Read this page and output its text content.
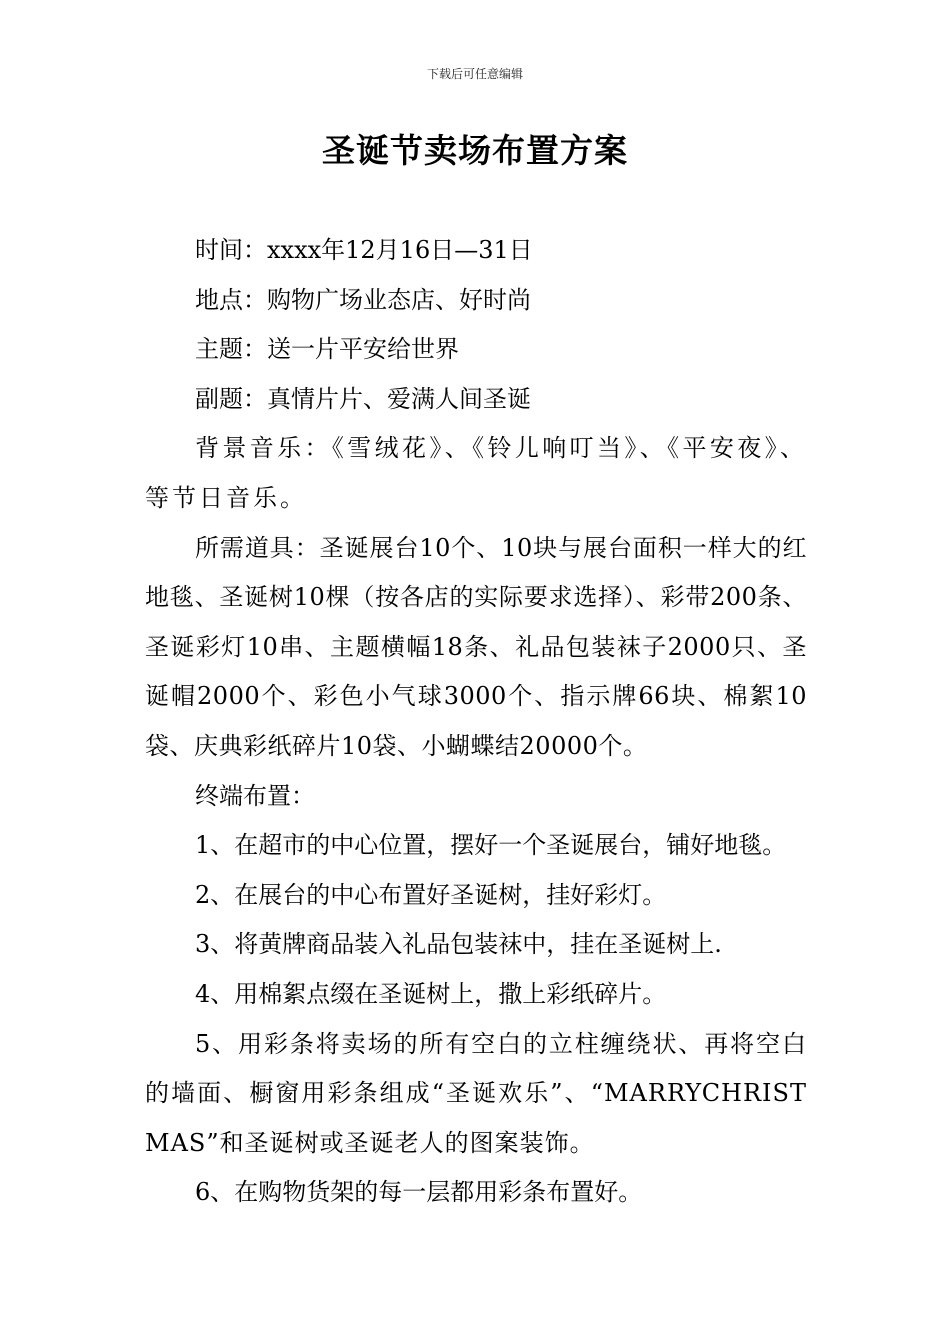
下载后可任意编辑
圣诞节卖场布置方案

时间：xxxx年12月16日—31日

地点：购物广场业态店、好时尚

主题：送一片平安给世界

副题：真情片片、爱满人间圣诞

背景音乐：《雪绒花》、《铃儿响叮当》、《平安夜》、等节日音乐。

所需道具：圣诞展台10个、10块与展台面积一样大的红地毯、圣诞树10棵（按各店的实际要求选择）、彩带200条、圣诞彩灯10串、主题横幅18条、礼品包装袜子2000只、圣诞帽2000个、彩色小气球3000个、指示牌66块、棉絮10袋、庆典彩纸碎片10袋、小蝴蝶结20000个。

终端布置：

1、在超市的中心位置，摆好一个圣诞展台，铺好地毯。

2、在展台的中心布置好圣诞树，挂好彩灯。

3、将黄牌商品装入礼品包装袜中，挂在圣诞树上.

4、用棉絮点缀在圣诞树上，撒上彩纸碎片。

5、用彩条将卖场的所有空白的立柱缠绕状、再将空白的墙面、橱窗用彩条组成“圣诞欢乐”、“MARRYCHRISTMAS”和圣诞树或圣诞老人的图案装饰。

6、在购物货架的每一层都用彩条布置好。
